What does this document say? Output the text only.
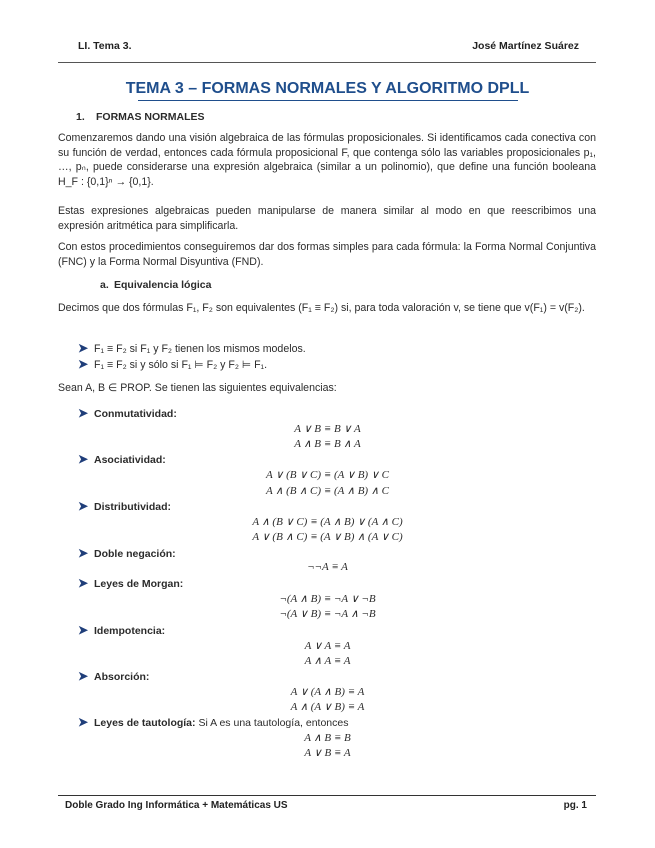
LI. Tema 3.	José Martínez Suárez
TEMA 3 – FORMAS NORMALES Y ALGORITMO DPLL
1. FORMAS NORMALES
Comenzaremos dando una visión algebraica de las fórmulas proposicionales. Si identificamos cada conectiva con su función de verdad, entonces cada fórmula proposicional F, que contenga sólo las variables proposicionales p₁, …, pₙ, puede considerarse una expresión algebraica (similar a un polinomio), que define una función booleana H_F : {0,1}ⁿ → {0,1}.
Estas expresiones algebraicas pueden manipularse de manera similar al modo en que reescribimos una expresión aritmética para simplificarla.
Con estos procedimientos conseguiremos dar dos formas simples para cada fórmula: la Forma Normal Conjuntiva (FNC) y la Forma Normal Disyuntiva (FND).
a. Equivalencia lógica
Decimos que dos fórmulas F₁, F₂ son equivalentes (F₁ ≡ F₂) si, para toda valoración v, se tiene que v(F₁) = v(F₂).
➤ F₁ ≡ F₂ si F₁ y F₂ tienen los mismos modelos.
➤ F₁ ≡ F₂ si y sólo si F₁ ⊨ F₂ y F₂ ⊨ F₁.
Sean A, B ∈ PROP. Se tienen las siguientes equivalencias:
➤ Conmutatividad:
A ∨ B ≡ B ∨ A
A ∧ B ≡ B ∧ A
➤ Asociatividad:
A ∨ (B ∨ C) ≡ (A ∨ B) ∨ C
A ∧ (B ∧ C) ≡ (A ∧ B) ∧ C
➤ Distributividad:
A ∧ (B ∨ C) ≡ (A ∧ B) ∨ (A ∧ C)
A ∨ (B ∧ C) ≡ (A ∨ B) ∧ (A ∨ C)
➤ Doble negación:
¬¬A ≡ A
➤ Leyes de Morgan:
¬(A ∧ B) ≡ ¬A ∨ ¬B
¬(A ∨ B) ≡ ¬A ∧ ¬B
➤ Idempotencia:
A ∨ A ≡ A
A ∧ A ≡ A
➤ Absorción:
A ∨ (A ∧ B) ≡ A
A ∧ (A ∨ B) ≡ A
➤ Leyes de tautología: Si A es una tautología, entonces
A ∧ B ≡ B
A ∨ B ≡ A
Doble Grado Ing Informática + Matemáticas US	pg. 1
